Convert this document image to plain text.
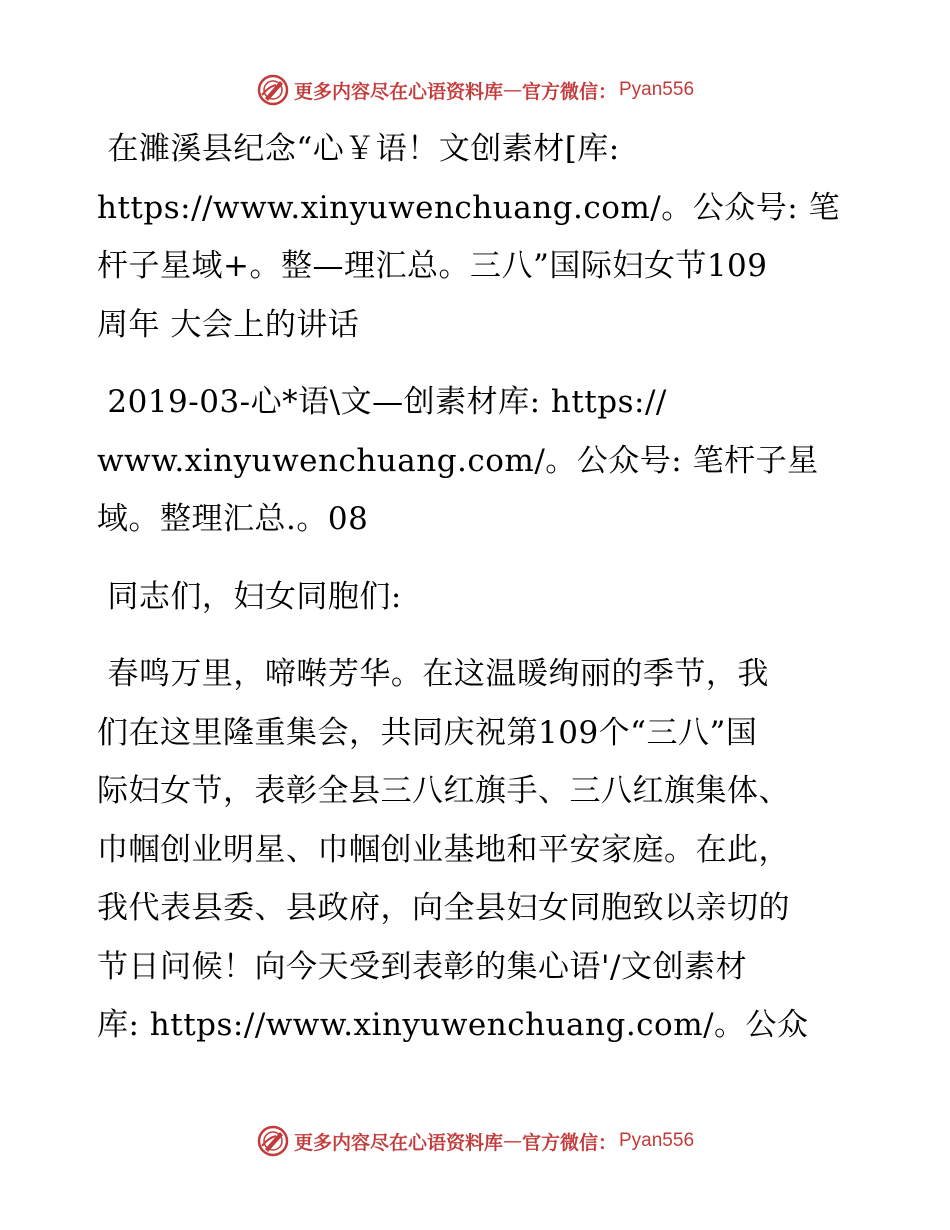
更多内容尽在心语资料库 — 官方微信： Pyan556
在濉溪县纪念“心￥语！文创素材[库:
https://www.xinyuwenchuang.com/。公众号: 笔
杆子星域+。整—理汇总。三八”国际妇女节109
周年 大会上的讲话
2019-03-心*语\文—创素材库: https://
www.xinyuwenchuang.com/。公众号: 笔杆子星
域。整理汇总.。08
同志们，妇女同胞们:
春鸣万里，啼啭芳华。在这温暖绚丽的季节，我
们在这里隆重集会，共同庆祝第109个“三八”国
际妇女节，表彰全县三八红旗手、三八红旗集体、
巾帼创业明星、巾帼创业基地和平安家庭。在此，
我代表县委、县政府，向全县妇女同胞致以亲切的
节日问候！向今天受到表彰的集心语'/文创素材
库: https://www.xinyuwenchuang.com/。公众
更多内容尽在心语资料库 — 官方微信： Pyan556
